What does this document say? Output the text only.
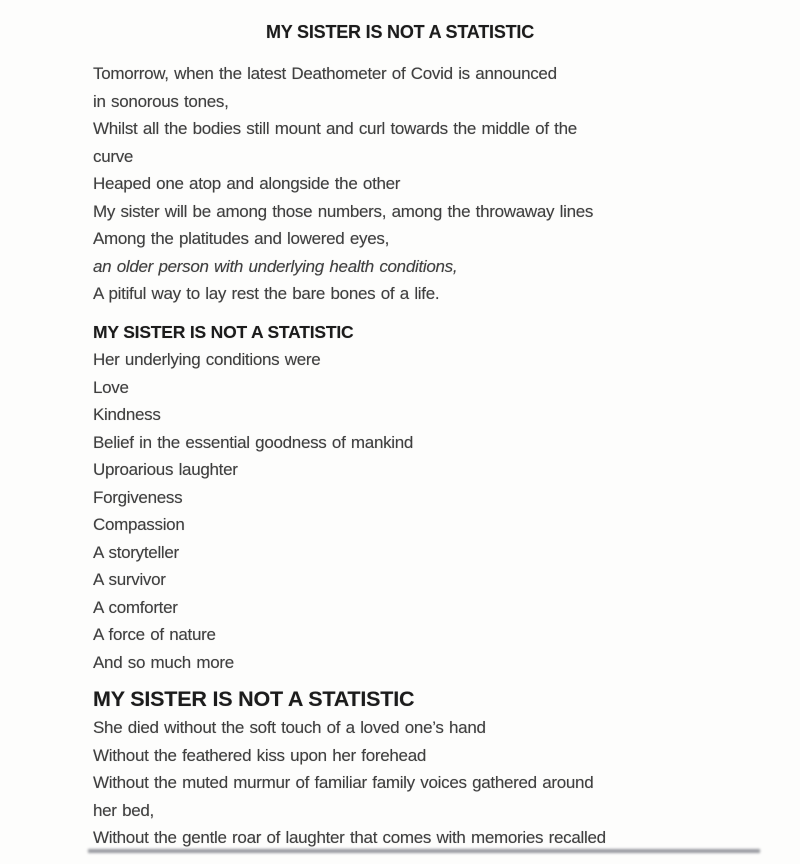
MY SISTER IS NOT A STATISTIC
Tomorrow, when the latest Deathometer of Covid is announced
in sonorous tones,
Whilst all the bodies still mount and curl towards the middle of the
curve
Heaped one atop and alongside the other
My sister will be among those numbers, among the throwaway lines
Among the platitudes and lowered eyes,
an older person with underlying health conditions,
A pitiful way to lay rest the bare bones of a life.
MY SISTER IS NOT A STATISTIC
Her underlying conditions were
Love
Kindness
Belief in the essential goodness of mankind
Uproarious laughter
Forgiveness
Compassion
A storyteller
A survivor
A comforter
A force of nature
And so much more
MY SISTER IS NOT A STATISTIC
She died without the soft touch of a loved one’s hand
Without the feathered kiss upon her forehead
Without the muted murmur of familiar family voices gathered around
her bed,
Without the gentle roar of laughter that comes with memories recalled
